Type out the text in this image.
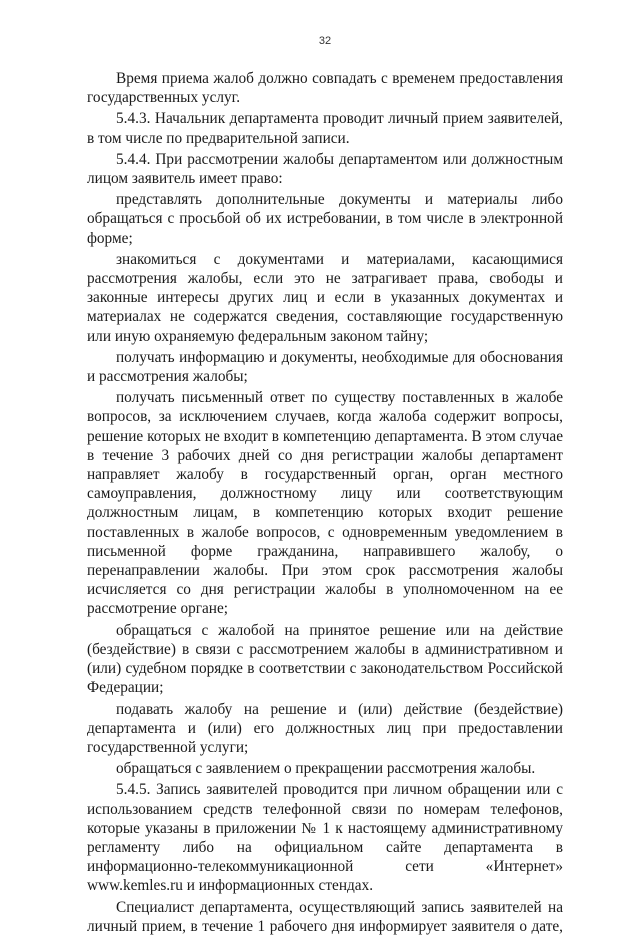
32

Время приема жалоб должно совпадать с временем предоставления государственных услуг.

5.4.3. Начальник департамента проводит личный прием заявителей, в том числе по предварительной записи.

5.4.4. При рассмотрении жалобы департаментом или должностным лицом заявитель имеет право:

представлять дополнительные документы и материалы либо обращаться с просьбой об их истребовании, в том числе в электронной форме;

знакомиться с документами и материалами, касающимися рассмотрения жалобы, если это не затрагивает права, свободы и законные интересы других лиц и если в указанных документах и материалах не содержатся сведения, составляющие государственную или иную охраняемую федеральным законом тайну;

получать информацию и документы, необходимые для обоснования и рассмотрения жалобы;

получать письменный ответ по существу поставленных в жалобе вопросов, за исключением случаев, когда жалоба содержит вопросы, решение которых не входит в компетенцию департамента. В этом случае в течение 3 рабочих дней со дня регистрации жалобы департамент направляет жалобу в государственный орган, орган местного самоуправления, должностному лицу или соответствующим должностным лицам, в компетенцию которых входит решение поставленных в жалобе вопросов, с одновременным уведомлением в письменной форме гражданина, направившего жалобу, о перенаправлении жалобы. При этом срок рассмотрения жалобы исчисляется со дня регистрации жалобы в уполномоченном на ее рассмотрение органе;

обращаться с жалобой на принятое решение или на действие (бездействие) в связи с рассмотрением жалобы в административном и (или) судебном порядке в соответствии с законодательством Российской Федерации;

подавать жалобу на решение и (или) действие (бездействие) департамента и (или) его должностных лиц при предоставлении государственной услуги;

обращаться с заявлением о прекращении рассмотрения жалобы.

5.4.5. Запись заявителей проводится при личном обращении или с использованием средств телефонной связи по номерам телефонов, которые указаны в приложении № 1 к настоящему административному регламенту либо на официальном сайте департамента в информационно-телекоммуникационной сети «Интернет» www.kemles.ru и информационных стендах.

Специалист департамента, осуществляющий запись заявителей на личный прием, в течение 1 рабочего дня информирует заявителя о дате,
